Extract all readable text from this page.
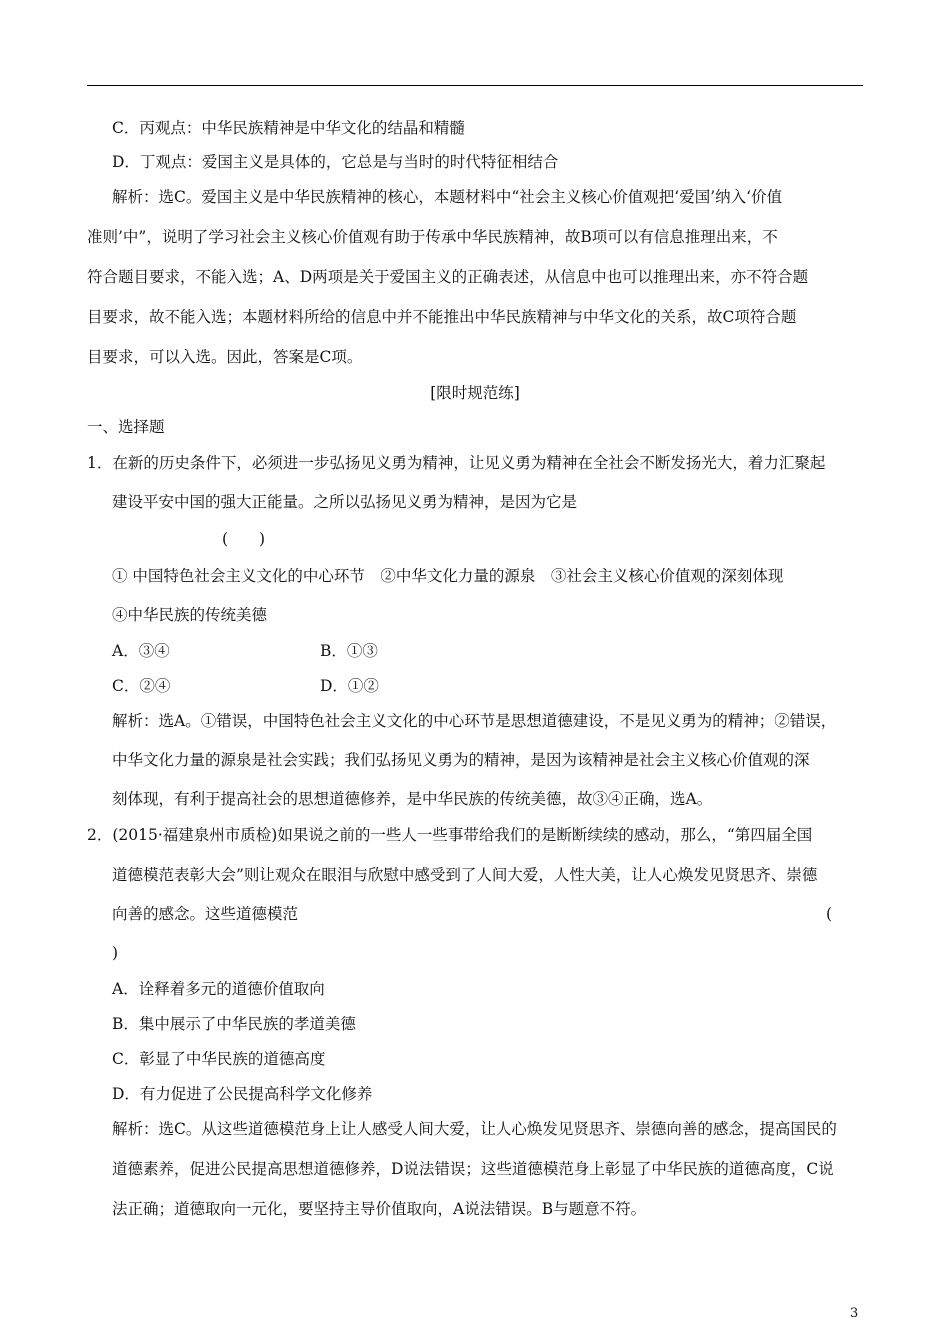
C．丙观点：中华民族精神是中华文化的结晶和精髓
D．丁观点：爱国主义是具体的，它总是与当时的时代特征相结合
解析：选C。爱国主义是中华民族精神的核心，本题材料中“社会主义核心价值观把‘爱国’纳入‘价值
准则’中”，说明了学习社会主义核心价值观有助于传承中华民族精神，故B项可以有信息推理出来，不
符合题目要求，不能入选；A、D两项是关于爱国主义的正确表述，从信息中也可以推理出来，亦不符合题
目要求，故不能入选；本题材料所给的信息中并不能推出中华民族精神与中华文化的关系，故C项符合题
目要求，可以入选。因此，答案是C项。
[限时规范练]
一、选择题
1．在新的历史条件下，必须进一步弘扬见义勇为精神，让见义勇为精神在全社会不断发扬光大，着力汇聚起
建设平安中国的强大正能量。之所以弘扬见义勇为精神，是因为它是
(　　)
① 中国特色社会主义文化的中心环节　②中华文化力量的源泉　③社会主义核心价值观的深刻体现
④中华民族的传统美德
A．③④	B．①③
C．②④	D．①②
解析：选A。①错误，中国特色社会主义文化的中心环节是思想道德建设，不是见义勇为的精神；②错误，
中华文化力量的源泉是社会实践；我们弘扬见义勇为的精神，是因为该精神是社会主义核心价值观的深
刻体现，有利于提高社会的思想道德修养，是中华民族的传统美德，故③④正确，选A。
2．(2015·福建泉州市质检)如果说之前的一些人一些事带给我们的是断断续续的感动，那么，“第四届全国
道德模范表彰大会”则让观众在眼泪与欣慰中感受到了人间大爱，人性大美，让人心焕发见贤思齐、崇德
向善的感念。这些道德模范	(
)
A．诠释着多元的道德价值取向
B．集中展示了中华民族的孝道美德
C．彰显了中华民族的道德高度
D．有力促进了公民提高科学文化修养
解析：选C。从这些道德模范身上让人感受人间大爱，让人心焕发见贤思齐、崇德向善的感念，提高国民的
道德素养，促进公民提高思想道德修养，D说法错误；这些道德模范身上彰显了中华民族的道德高度，C说
法正确；道德取向一元化，要坚持主导价值取向，A说法错误。B与题意不符。
3
